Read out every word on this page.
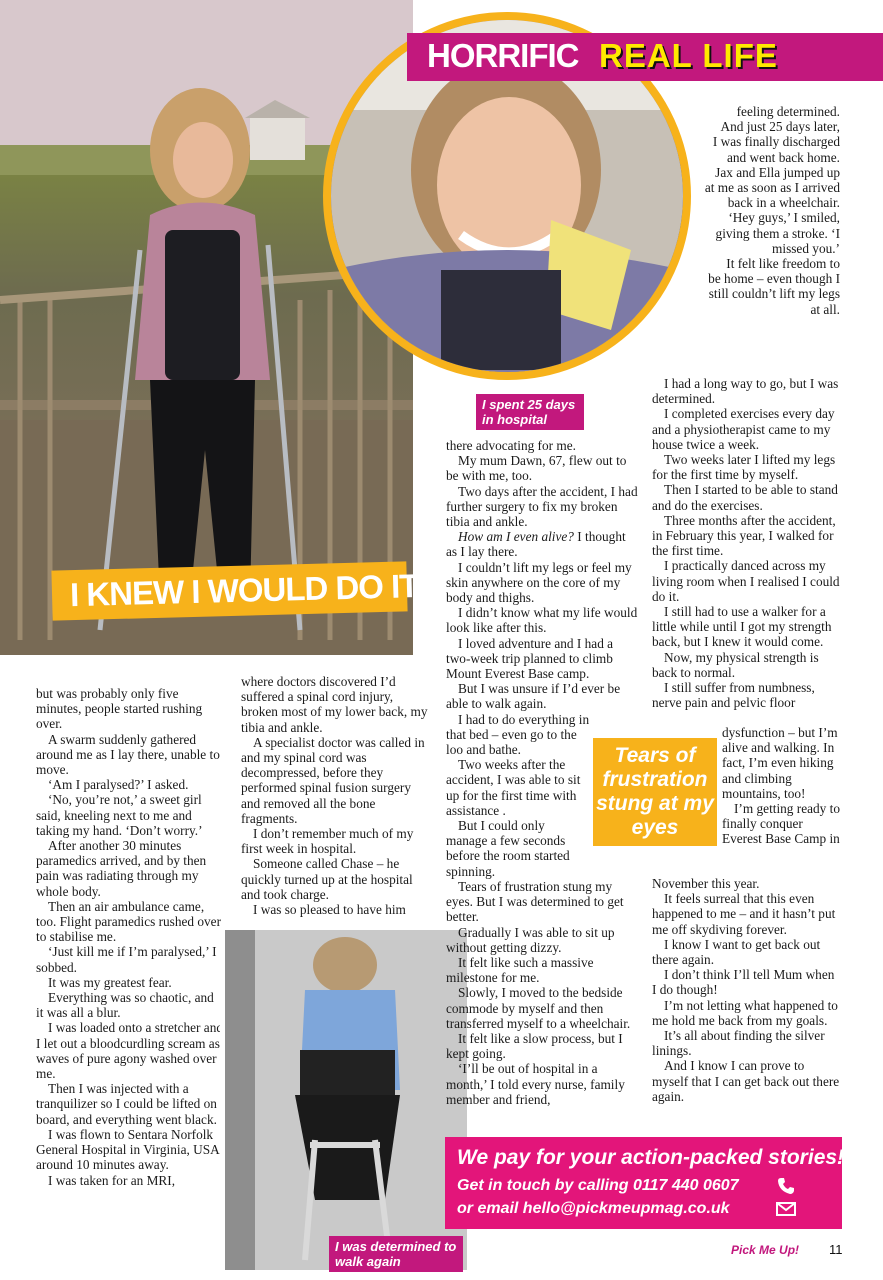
I spent 25 days in hospital
HORRIFIC REAL LIFE
I KNEW I WOULD DO IT

but was probably only five minutes, people started rushing over.

A swarm suddenly gathered around me as I lay there, unable to move.

‘Am I paralysed?’ I asked.

‘No, you’re not,’ a sweet girl said, kneeling next to me and taking my hand. ‘Don’t worry.’

After another 30 minutes paramedics arrived, and by then pain was radiating through my whole body.

Then an air ambulance came, too. Flight paramedics rushed over to stabilise me.

‘Just kill me if I’m paralysed,’ I sobbed.

It was my greatest fear.

Everything was so chaotic, and it was all a blur.

I was loaded onto a stretcher and I let out a bloodcurdling scream as waves of pure agony washed over me.

Then I was injected with a tranquilizer so I could be lifted on board, and everything went black.

I was flown to Sentara Norfolk General Hospital in Virginia, USA, around 10 minutes away.

I was taken for an MRI,

where doctors discovered I’d suffered a spinal cord injury, broken most of my lower back, my tibia and ankle.

A specialist doctor was called in and my spinal cord was decompressed, before they performed spinal fusion surgery and removed all the bone fragments.

I don’t remember much of my first week in hospital.

Someone called Chase – he quickly turned up at the hospital and took charge.

I was so pleased to have him

I was determined to walk again

there advocating for me.

My mum Dawn, 67, flew out to be with me, too.

Two days after the accident, I had further surgery to fix my broken tibia and ankle.

How am I even alive? I thought as I lay there.

I couldn’t lift my legs or feel my skin anywhere on the core of my body and thighs.

I didn’t know what my life would look like after this.

I loved adventure and I had a two-week trip planned to climb Mount Everest Base camp.

But I was unsure if I’d ever be able to walk again.

I had to do everything in that bed – even go to the loo and bathe.

Two weeks after the accident, I was able to sit up for the first time with assistance .

But I could only manage a few seconds before the room started spinning.

Tears of frustration stung my eyes. But I was determined to get better.

Gradually I was able to sit up without getting dizzy.

It felt like such a massive milestone for me.

Slowly, I moved to the bedside commode by myself and then transferred myself to a wheelchair.

It felt like a slow process, but I kept going.

‘I’ll be out of hospital in a month,’ I told every nurse, family member and friend,

Tears of frustration stung at my eyes

feeling determined.

And just 25 days later, I was finally discharged and went back home.

Jax and Ella jumped up at me as soon as I arrived back in a wheelchair.

‘Hey guys,’ I smiled, giving them a stroke. ‘I missed you.’

It felt like freedom to be home – even though I still couldn’t lift my legs at all.

I had a long way to go, but I was determined.

I completed exercises every day and a physiotherapist came to my house twice a week.

Two weeks later I lifted my legs for the first time by myself.

Then I started to be able to stand and do the exercises.

Three months after the accident, in February this year, I walked for the first time.

I practically danced across my living room when I realised I could do it.

I still had to use a walker for a little while until I got my strength back, but I knew it would come.

Now, my physical strength is back to normal.

I still suffer from numbness, nerve pain and pelvic floor

dysfunction – but I’m alive and walking. In fact, I’m even hiking and climbing mountains, too!

I’m getting ready to finally conquer Everest Base Camp in

November this year.

It feels surreal that this even happened to me – and it hasn’t put me off skydiving forever.

I know I want to get back out there again.

I don’t think I’ll tell Mum when I do though!

I’m not letting what happened to me hold me back from my goals.

It’s all about finding the silver linings.

And I know I can prove to myself that I can get back out there again.

We pay for your action-packed stories!
Get in touch by calling 0117 440 0607
or email hello@pickmeupmag.co.uk
Pick Me Up! 11
